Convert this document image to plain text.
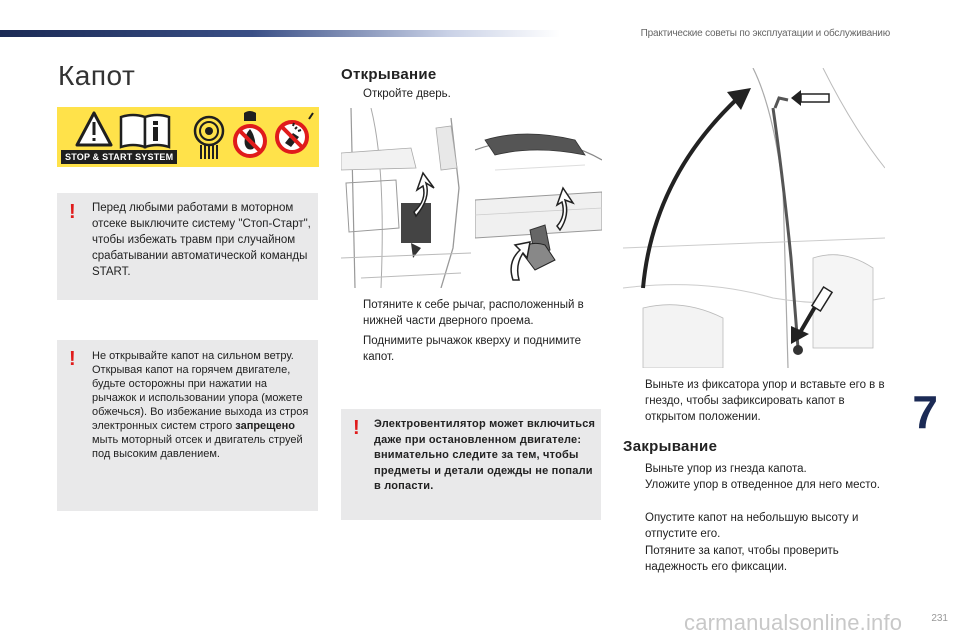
Практические советы по эксплуатации и обслуживанию
Капот
STOP & START SYSTEM
! Перед любыми работами в моторном отсеке выключите систему "Стоп-Старт", чтобы избежать травм при случайном срабатывании автоматической команды START.

! Не открывайте капот на сильном ветру. Открывая капот на горячем двигателе, будьте осторожны при нажатии на рычажок и использовании упора (можете обжечься). Во избежание выхода из строя электронных систем строго запрещено мыть моторный отсек и двигатель струей под высоким давлением.

! Электровентилятор может включиться даже при остановленном двигателе: внимательно следите за тем, чтобы предметы и детали одежды не попали в лопасти.

Открывание
Откройте дверь.
Потяните к себе рычаг, расположенный в нижней части дверного проема.
Поднимите рычажок кверху и поднимите капот.
Выньте из фиксатора упор и вставьте его в в гнездо, чтобы зафиксировать капот в открытом положении.
Закрывание
Выньте упор из гнезда капота.
Уложите упор в отведенное для него место.
Опустите капот на небольшую высоту и отпустите его.
Потяните за капот, чтобы проверить надежность его фиксации.
7
carmanualsonline.info	231
